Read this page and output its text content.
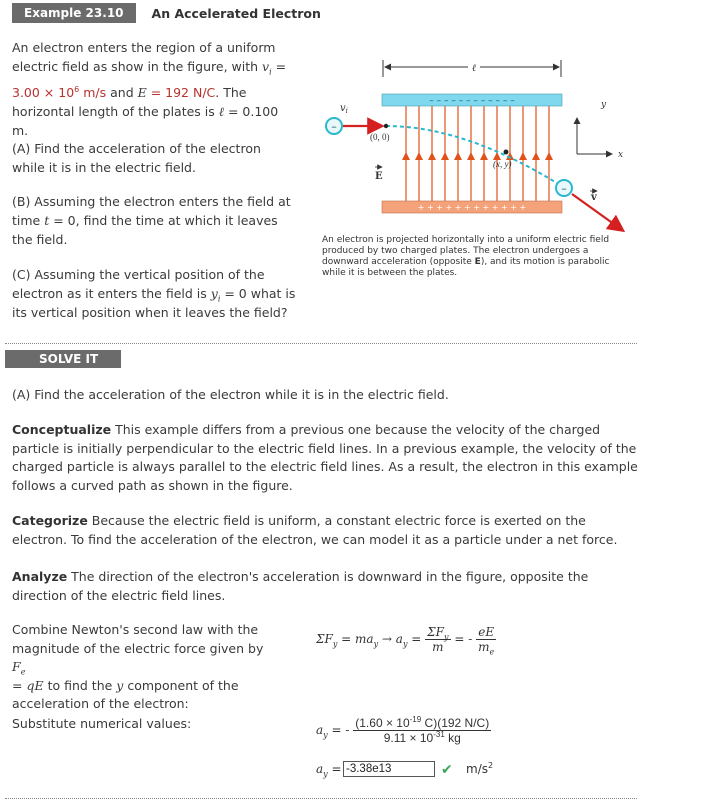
Example 23.10	An Accelerated Electron

An electron enters the region of a uniform electric field as show in the figure, with $v_i$ =

$3.00 \times 10^6$ m/s and E = 192 N/C. The horizontal length of the plates is ℓ = 0.100 m.

(A) Find the acceleration of the electron while it is in the electric field.

(B) Assuming the electron enters the field at time t = 0, find the time at which it leaves the field.

(C) Assuming the vertical position of the electron as it enters the field is $y_i = 0$ what is its vertical position when it leaves the field?

ℓ
– – – – – – – – – – – –
+ + + + + + + + + + + +
–
$v_i$
(0, 0)
(x, y)
E
y
x
–
v
An electron is projected horizontally into a uniform electric field produced by two charged plates. The electron undergoes a downward acceleration (opposite E), and its motion is parabolic while it is between the plates.
SOLVE IT
(A) Find the acceleration of the electron while it is in the electric field.
Conceptualize This example differs from a previous one because the velocity of the charged particle is initially perpendicular to the electric field lines. In a previous example, the velocity of the charged particle is always parallel to the electric field lines. As a result, the electron in this example follows a curved path as shown in the figure.
Categorize Because the electric field is uniform, a constant electric force is exerted on the electron. To find the acceleration of the electron, we can model it as a particle under a net force.
Analyze The direction of the electron's acceleration is downward in the figure, opposite the direction of the electric field lines.
Combine Newton's second law with the magnitude of the electric force given by $F_e$
= qE to find the y component of the acceleration of the electron:
Substitute numerical values:
$\Sigma F_y = ma_y \to a_y = \frac{\Sigma F_y}{m}$ = - $\frac{eE}{m_e}$
$a_y$ = - $\frac{(1.60 \times 10^{-19} C)(192 N/C)}{9.11 \times 10^{-31} kg}$
$a_y$ =
-3.38e13	✔ $m/s^2$
